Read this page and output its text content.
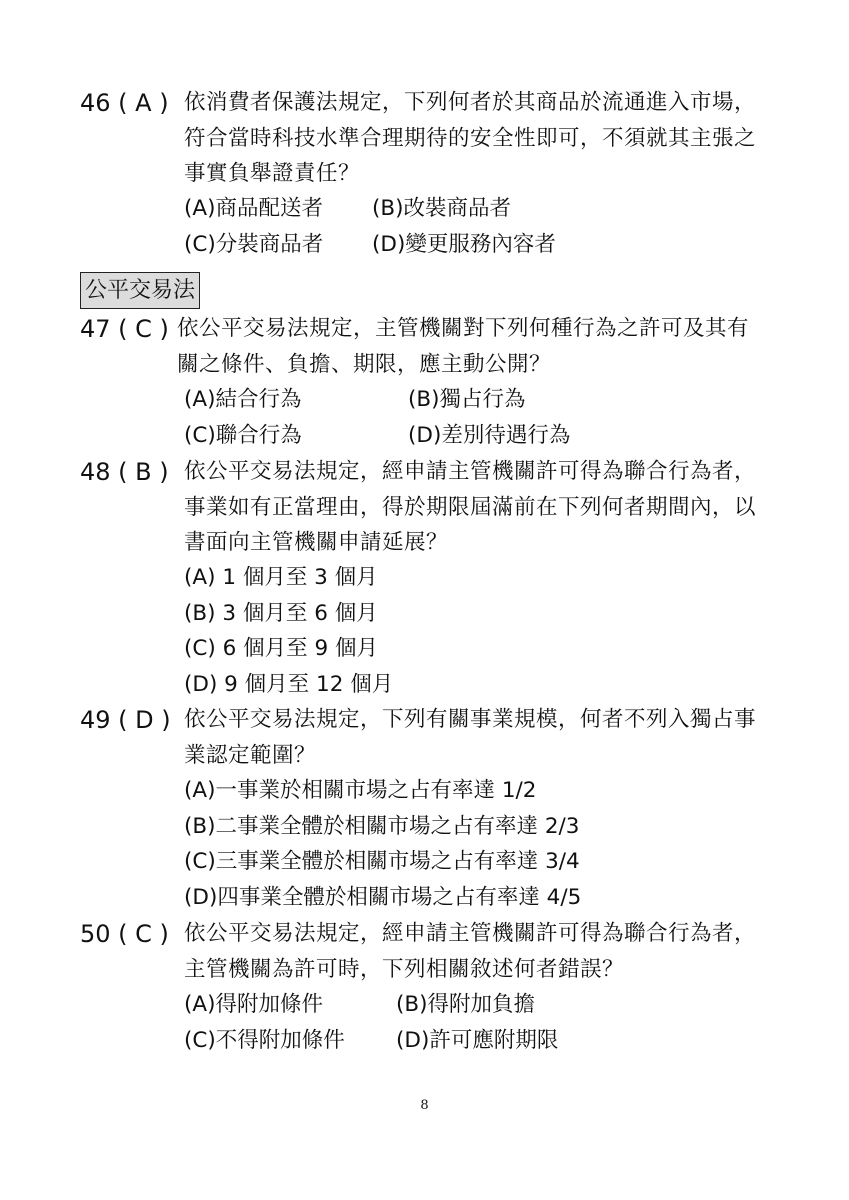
46 ( A ) 依消費者保護法規定，下列何者於其商品於流通進入市場，
符合當時科技水準合理期待的安全性即可，不須就其主張之
事實負舉證責任？
(A)商品配送者 (B)改裝商品者
(C)分裝商品者 (D)變更服務內容者
公平交易法
47 ( C ) 依公平交易法規定，主管機關對下列何種行為之許可及其有
關之條件、負擔、期限，應主動公開？
(A)結合行為	(B)獨占行為
(C)聯合行為	(D)差別待遇行為
48 ( B ) 依公平交易法規定，經申請主管機關許可得為聯合行為者，
事業如有正當理由，得於期限屆滿前在下列何者期間內，以
書面向主管機關申請延展？
(A) 1 個月至 3 個月
(B) 3 個月至 6 個月
(C) 6 個月至 9 個月
(D) 9 個月至 12 個月
49 ( D ) 依公平交易法規定，下列有關事業規模，何者不列入獨占事
業認定範圍？
(A)一事業於相關市場之占有率達 1/2
(B)二事業全體於相關市場之占有率達 2/3
(C)三事業全體於相關市場之占有率達 3/4
(D)四事業全體於相關市場之占有率達 4/5
50 ( C ) 依公平交易法規定，經申請主管機關許可得為聯合行為者，
主管機關為許可時，下列相關敘述何者錯誤？
(A)得附加條件	(B)得附加負擔
(C)不得附加條件 (D)許可應附期限
8
